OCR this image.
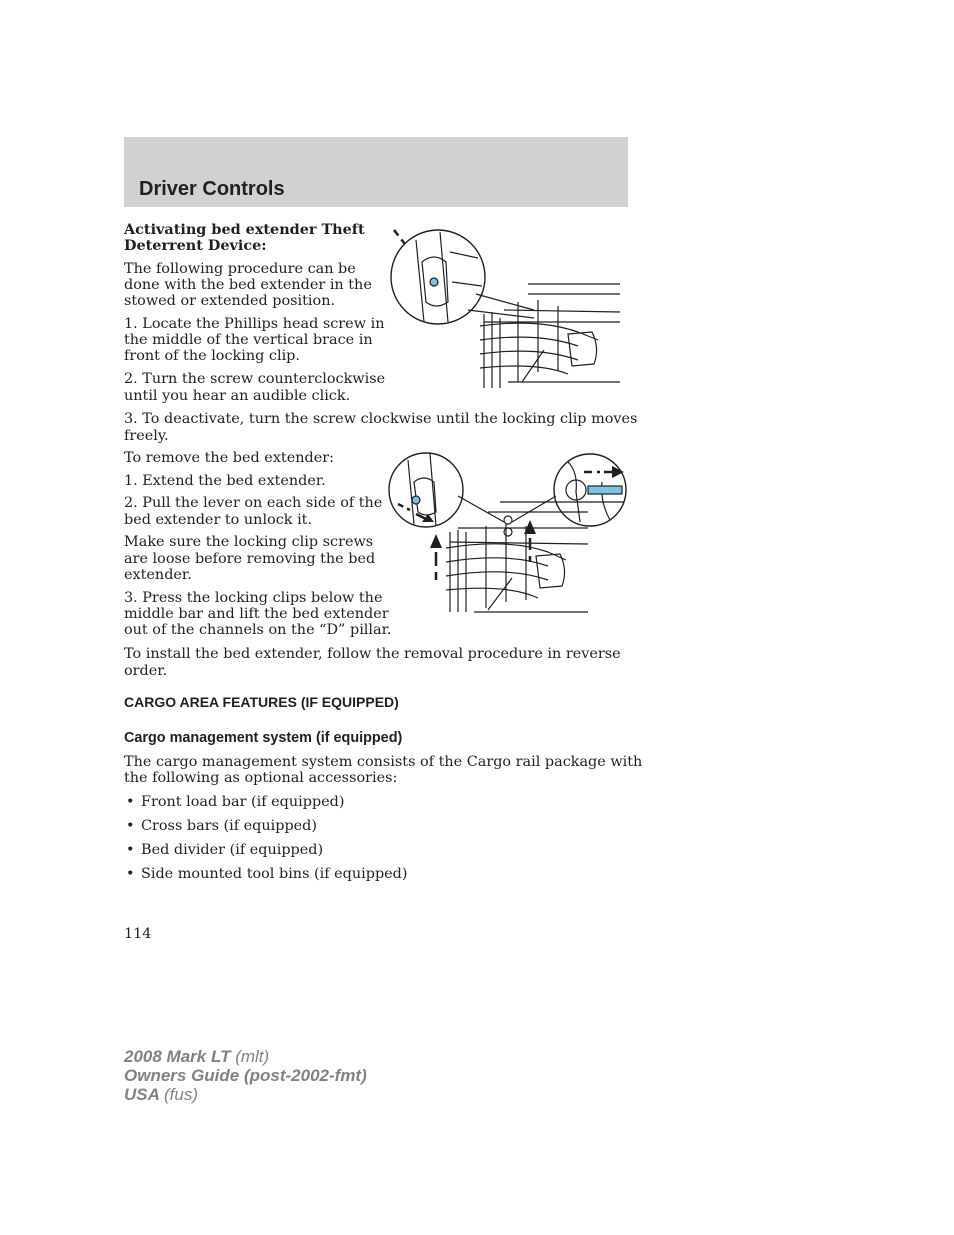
Driver Controls

Activating bed extender Theft

Deterrent Device:

The following procedure can be

done with the bed extender in the

stowed or extended position.

1. Locate the Phillips head screw in

the middle of the vertical brace in

front of the locking clip.

2. Turn the screw counterclockwise

until you hear an audible click.

3. To deactivate, turn the screw clockwise until the locking clip moves

freely.

To remove the bed extender:

1. Extend the bed extender.

2. Pull the lever on each side of the

bed extender to unlock it.

Make sure the locking clip screws

are loose before removing the bed

extender.

3. Press the locking clips below the

middle bar and lift the bed extender

out of the channels on the “D” pillar.

To install the bed extender, follow the removal procedure in reverse

order.

CARGO AREA FEATURES (IF EQUIPPED)
Cargo management system (if equipped)

The cargo management system consists of the Cargo rail package with

the following as optional accessories:

• Front load bar (if equipped)

• Cross bars (if equipped)

• Bed divider (if equipped)

• Side mounted tool bins (if equipped)

114

2008 Mark LT (mlt)
Owners Guide (post-2002-fmt)
USA (fus)
